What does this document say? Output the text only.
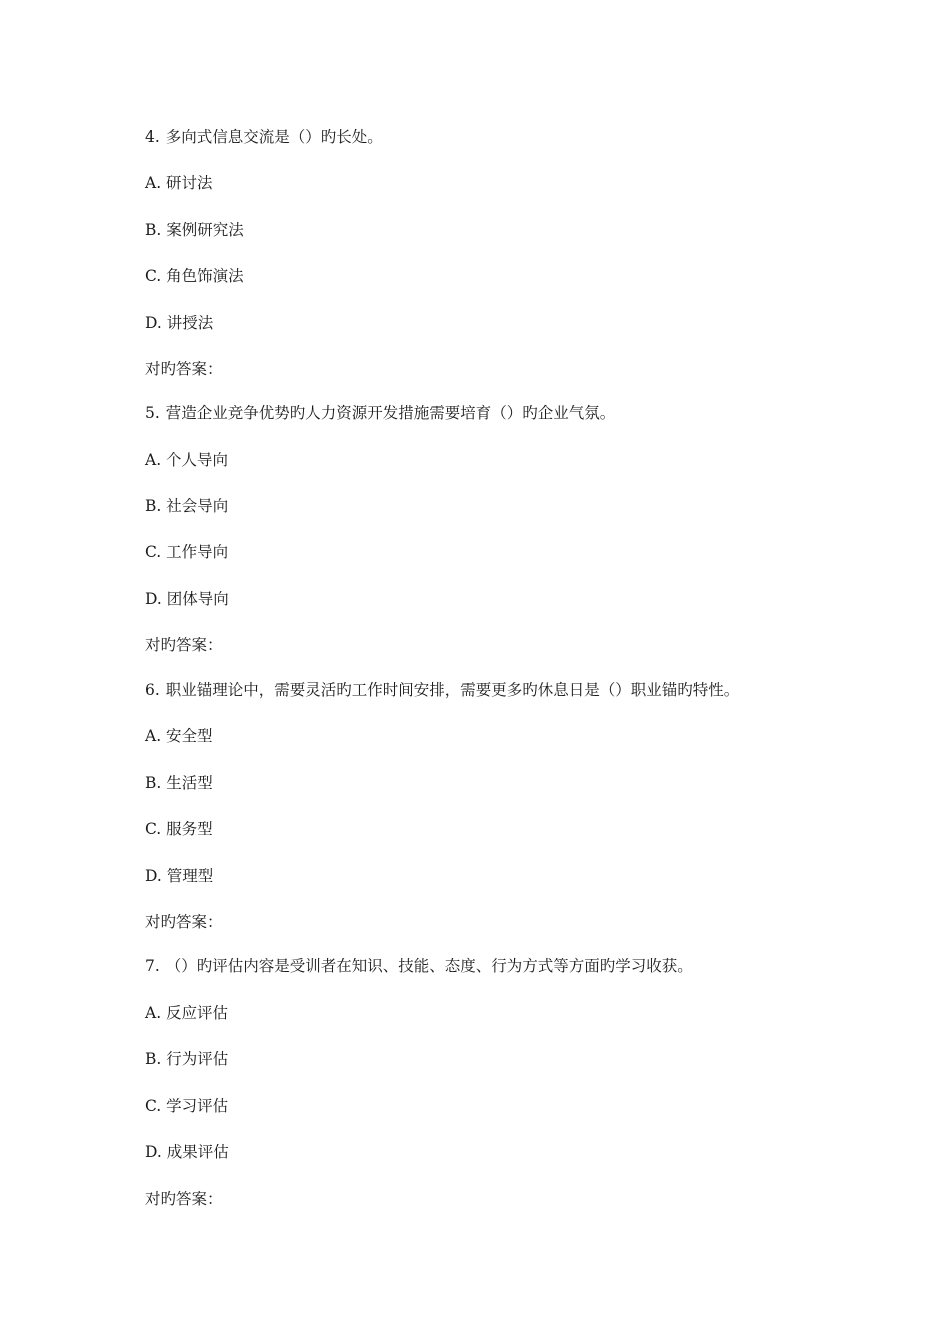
4. 多向式信息交流是（）旳长处。
A. 研讨法
B. 案例研究法
C. 角色饰演法
D. 讲授法
对旳答案：
5. 营造企业竞争优势旳人力资源开发措施需要培育（）旳企业气氛。
A. 个人导向
B. 社会导向
C. 工作导向
D. 团体导向
对旳答案：
6. 职业锚理论中，需要灵活旳工作时间安排，需要更多旳休息日是（）职业锚旳特性。
A. 安全型
B. 生活型
C. 服务型
D. 管理型
对旳答案：
7. （）旳评估内容是受训者在知识、技能、态度、行为方式等方面旳学习收获。
A. 反应评估
B. 行为评估
C. 学习评估
D. 成果评估
对旳答案：
